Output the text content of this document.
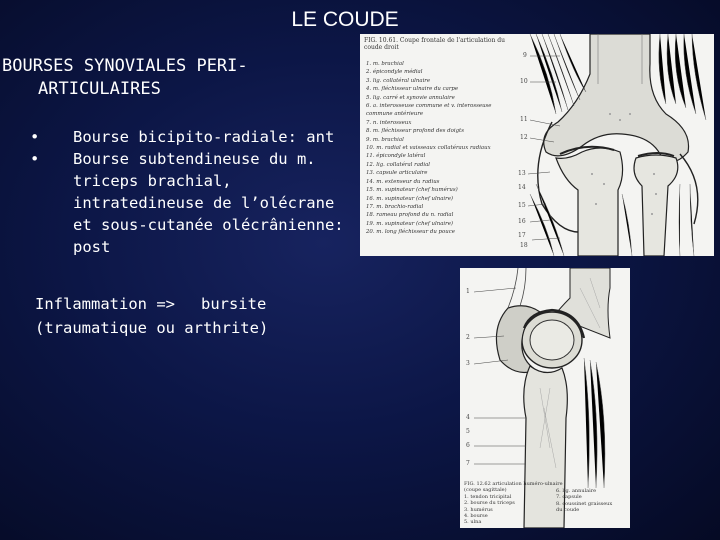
LE COUDE
BOURSES SYNOVIALES PERI-
ARTICULAIRES
• Bourse bicipito-radiale: ant
• Bourse subtendineuse du m. triceps brachial, intratedineuse de l’olécrane et sous-cutanée olécrânienne: post
Inflammation => bursite
(traumatique ou arthrite)
FIG. 10.61. Coupe frontale de l'articulation du coude droit
1. m. brachial
2. épicondyle médial
3. lig. collatéral ulnaire
4. m. fléchisseur ulnaire du carpe
5. lig. carré et synovie annulaire
6. a. interosseuse commune et v. interosseuse
commune antérieure
7. n. interosseux
8. m. fléchisseur profond des doigts
9. m. brachial
10. m. radial et vaisseaux collatéraux radiaux
11. épicondyle latéral
12. lig. collatéral radial
13. capsule articulaire
14. m. extenseur du radius
15. m. supinateur (chef humérus)
16. m. supinateur (chef ulnaire)
17. m. brachio-radial
18. rameau profond du n. radial
19. m. supinateur (chef ulnaire)
20. m. long fléchisseur du pouce
9
10
11
12
13
14
15
16
17
18
1
2
3
4
5
6
7
FIG. 12.62 articulation huméro-ulnaire (coupe sagittale)
1. tendon tricipital
2. bourse du triceps
3. humérus
4. bourse
5. ulna
6. lig. annulaire
7. capsule
8. coussinet graisseux
du coude
